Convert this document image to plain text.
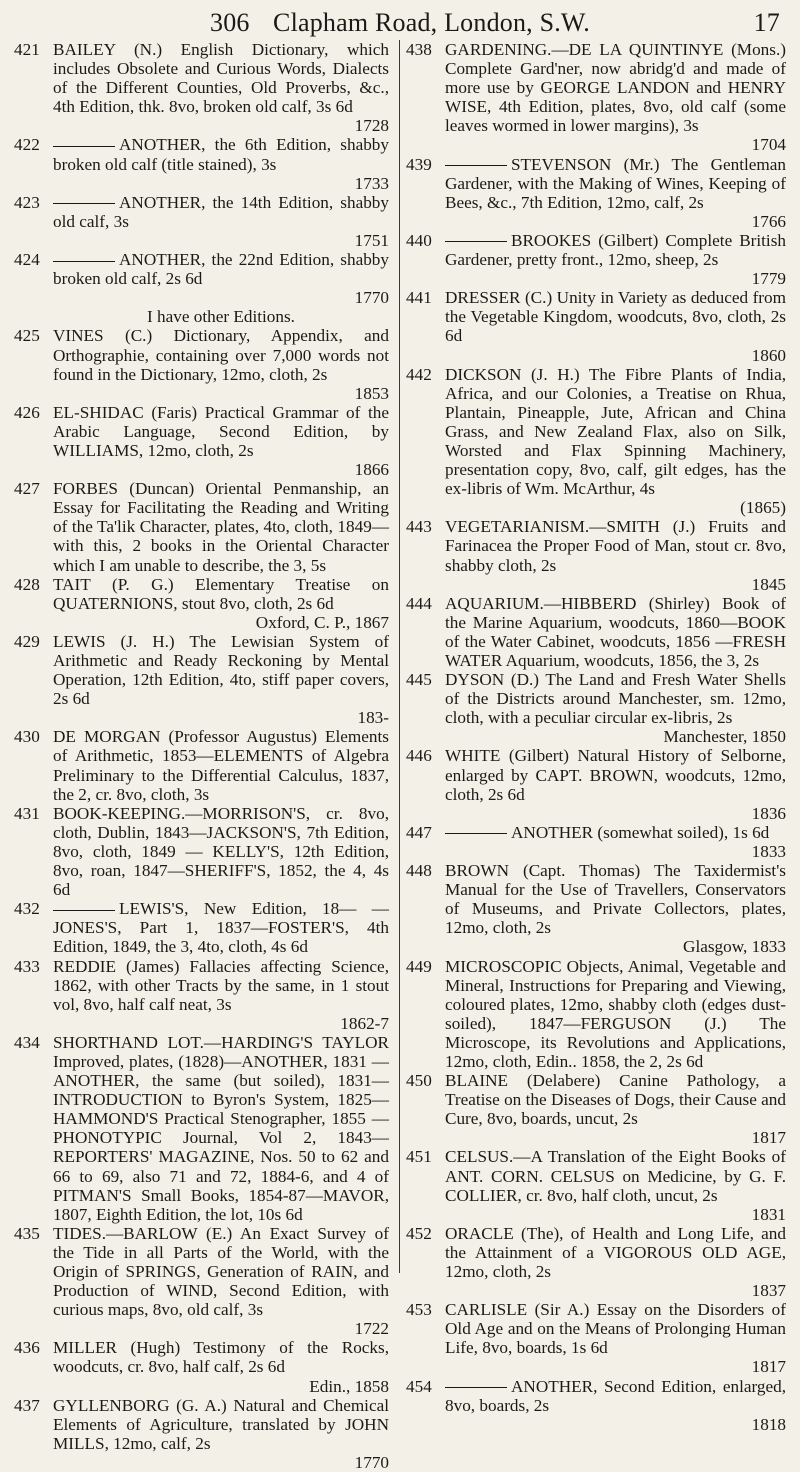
306 Clapham Road, London, S.W.	17
421 BAILEY (N.) English Dictionary, which includes Obsolete and Curious Words, Dialects of the Different Counties, Old Proverbs, &c., 4th Edition, thk. 8vo, broken old calf, 3s 6d
1728
422	ANOTHER, the 6th Edition, shabby broken old calf (title stained), 3s
1733
423	ANOTHER, the 14th Edition, shabby old calf, 3s
1751
424	ANOTHER, the 22nd Edition, shabby broken old calf, 2s 6d
1770
I have other Editions.
425 VINES (C.) Dictionary, Appendix, and Orthographie, containing over 7,000 words not found in the Dictionary, 12mo, cloth, 2s
1853
426 EL-SHIDAC (Faris) Practical Grammar of the Arabic Language, Second Edition, by WILLIAMS, 12mo, cloth, 2s
1866
427 FORBES (Duncan) Oriental Penmanship, an Essay for Facilitating the Reading and Writing of the Ta'lik Character, plates, 4to, cloth, 1849—with this, 2 books in the Oriental Character which I am unable to describe, the 3, 5s
428 TAIT (P. G.) Elementary Treatise on QUATERNIONS, stout 8vo, cloth, 2s 6d
Oxford, C. P., 1867
429 LEWIS (J. H.) The Lewisian System of Arithmetic and Ready Reckoning by Mental Operation, 12th Edition, 4to, stiff paper covers, 2s 6d
183-
430 DE MORGAN (Professor Augustus) Elements of Arithmetic, 1853—ELEMENTS of Algebra Preliminary to the Differential Calculus, 1837, the 2, cr. 8vo, cloth, 3s
431 BOOK-KEEPING.—MORRISON'S, cr. 8vo, cloth, Dublin, 1843—JACKSON'S, 7th Edition, 8vo, cloth, 1849 — KELLY'S, 12th Edition, 8vo, roan, 1847—SHERIFF'S, 1852, the 4, 4s 6d
432	LEWIS'S, New Edition, 18— — JONES'S, Part 1, 1837—FOSTER'S, 4th Edition, 1849, the 3, 4to, cloth, 4s 6d
433 REDDIE (James) Fallacies affecting Science, 1862, with other Tracts by the same, in 1 stout vol, 8vo, half calf neat, 3s
1862-7
434 SHORTHAND LOT.—HARDING'S TAYLOR Improved, plates, (1828)—ANOTHER, 1831 —ANOTHER, the same (but soiled), 1831—INTRODUCTION to Byron's System, 1825—HAMMOND'S Practical Stenographer, 1855 —PHONOTYPIC Journal, Vol 2, 1843—REPORTERS' MAGAZINE, Nos. 50 to 62 and 66 to 69, also 71 and 72, 1884-6, and 4 of PITMAN'S Small Books, 1854-87—MAVOR, 1807, Eighth Edition, the lot, 10s 6d
435 TIDES.—BARLOW (E.) An Exact Survey of the Tide in all Parts of the World, with the Origin of SPRINGS, Generation of RAIN, and Production of WIND, Second Edition, with curious maps, 8vo, old calf, 3s
1722
436 MILLER (Hugh) Testimony of the Rocks, woodcuts, cr. 8vo, half calf, 2s 6d
Edin., 1858
437 GYLLENBORG (G. A.) Natural and Chemical Elements of Agriculture, translated by JOHN MILLS, 12mo, calf, 2s
1770
438 GARDENING.—DE LA QUINTINYE (Mons.) Complete Gard'ner, now abridg'd and made of more use by GEORGE LANDON and HENRY WISE, 4th Edition, plates, 8vo, old calf (some leaves wormed in lower margins), 3s
1704
439	STEVENSON (Mr.) The Gentleman Gardener, with the Making of Wines, Keeping of Bees, &c., 7th Edition, 12mo, calf, 2s
1766
440	BROOKES (Gilbert) Complete British Gardener, pretty front., 12mo, sheep, 2s
1779
441 DRESSER (C.) Unity in Variety as deduced from the Vegetable Kingdom, woodcuts, 8vo, cloth, 2s 6d
1860
442 DICKSON (J. H.) The Fibre Plants of India, Africa, and our Colonies, a Treatise on Rhua, Plantain, Pineapple, Jute, African and China Grass, and New Zealand Flax, also on Silk, Worsted and Flax Spinning Machinery, presentation copy, 8vo, calf, gilt edges, has the ex-libris of Wm. McArthur, 4s
(1865)
443 VEGETARIANISM.—SMITH (J.) Fruits and Farinacea the Proper Food of Man, stout cr. 8vo, shabby cloth, 2s
1845
444 AQUARIUM.—HIBBERD (Shirley) Book of the Marine Aquarium, woodcuts, 1860—BOOK of the Water Cabinet, woodcuts, 1856 —FRESH WATER Aquarium, woodcuts, 1856, the 3, 2s
445 DYSON (D.) The Land and Fresh Water Shells of the Districts around Manchester, sm. 12mo, cloth, with a peculiar circular ex-libris, 2s
Manchester, 1850
446 WHITE (Gilbert) Natural History of Selborne, enlarged by CAPT. BROWN, woodcuts, 12mo, cloth, 2s 6d
1836
447	ANOTHER (somewhat soiled), 1s 6d
1833
448 BROWN (Capt. Thomas) The Taxidermist's Manual for the Use of Travellers, Conservators of Museums, and Private Collectors, plates, 12mo, cloth, 2s
Glasgow, 1833
449 MICROSCOPIC Objects, Animal, Vegetable and Mineral, Instructions for Preparing and Viewing, coloured plates, 12mo, shabby cloth (edges dust-soiled), 1847—FERGUSON (J.) The Microscope, its Revolutions and Applications, 12mo, cloth, Edin.. 1858, the 2, 2s 6d
450 BLAINE (Delabere) Canine Pathology, a Treatise on the Diseases of Dogs, their Cause and Cure, 8vo, boards, uncut, 2s
1817
451 CELSUS.—A Translation of the Eight Books of ANT. CORN. CELSUS on Medicine, by G. F. COLLIER, cr. 8vo, half cloth, uncut, 2s
1831
452 ORACLE (The), of Health and Long Life, and the Attainment of a VIGOROUS OLD AGE, 12mo, cloth, 2s
1837
453 CARLISLE (Sir A.) Essay on the Disorders of Old Age and on the Means of Prolonging Human Life, 8vo, boards, 1s 6d
1817
454	ANOTHER, Second Edition, enlarged, 8vo, boards, 2s
1818
